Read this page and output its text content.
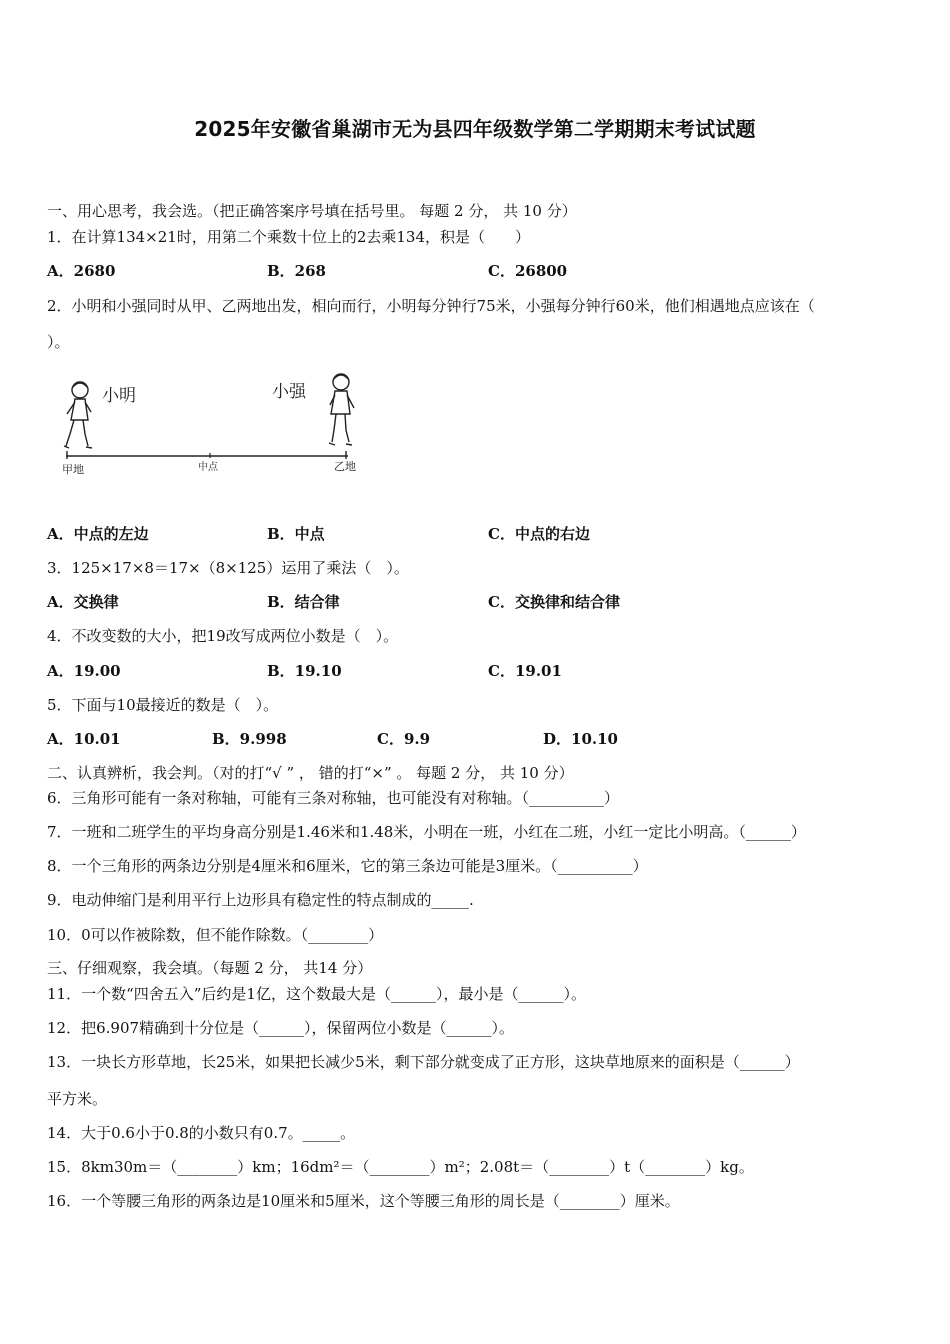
2025年安徽省巢湖市无为县四年级数学第二学期期末考试试题
一、用心思考，我会选。（把正确答案序号填在括号里。 每题 2 分， 共 10 分）
1．在计算134×21时，用第二个乘数十位上的2去乘134，积是（　　）
A．2680	B．268	C．26800
2．小明和小强同时从甲、乙两地出发，相向而行，小明每分钟行75米，小强每分钟行60米，他们相遇地点应该在（
）。
小明	小强
甲地	中点	乙地
A．中点的左边	B．中点	C．中点的右边
3．125×17×8＝17×（8×125）运用了乘法（　）。
A．交换律	B．结合律	C．交换律和结合律
4．不改变数的大小，把19改写成两位小数是（　）。
A．19.00	B．19.10	C．19.01
5．下面与10最接近的数是（　）。
A．10.01	B．9.998	C．9.9	D．10.10
二、认真辨析，我会判。（对的打“√ ” ， 错的打“×” 。 每题 2 分， 共 10 分）
6．三角形可能有一条对称轴，可能有三条对称轴，也可能没有对称轴。（__________）
7．一班和二班学生的平均身高分别是1.46米和1.48米，小明在一班，小红在二班，小红一定比小明高。（______）
8．一个三角形的两条边分别是4厘米和6厘米，它的第三条边可能是3厘米。（__________）
9．电动伸缩门是利用平行上边形具有稳定性的特点制成的_____.
10．0可以作被除数，但不能作除数。（________）
三、仔细观察，我会填。（每题 2 分， 共14 分）
11．一个数“四舍五入”后约是1亿，这个数最大是（______），最小是（______）。
12．把6.907精确到十分位是（______），保留两位小数是（______）。
13．一块长方形草地，长25米，如果把长减少5米，剩下部分就变成了正方形，这块草地原来的面积是（______）
平方米。
14．大于0.6小于0.8的小数只有0.7。_____。
15．8km30m＝（________）km；16dm²＝（________）m²；2.08t＝（________）t（________）kg。
16．一个等腰三角形的两条边是10厘米和5厘米，这个等腰三角形的周长是（________）厘米。
